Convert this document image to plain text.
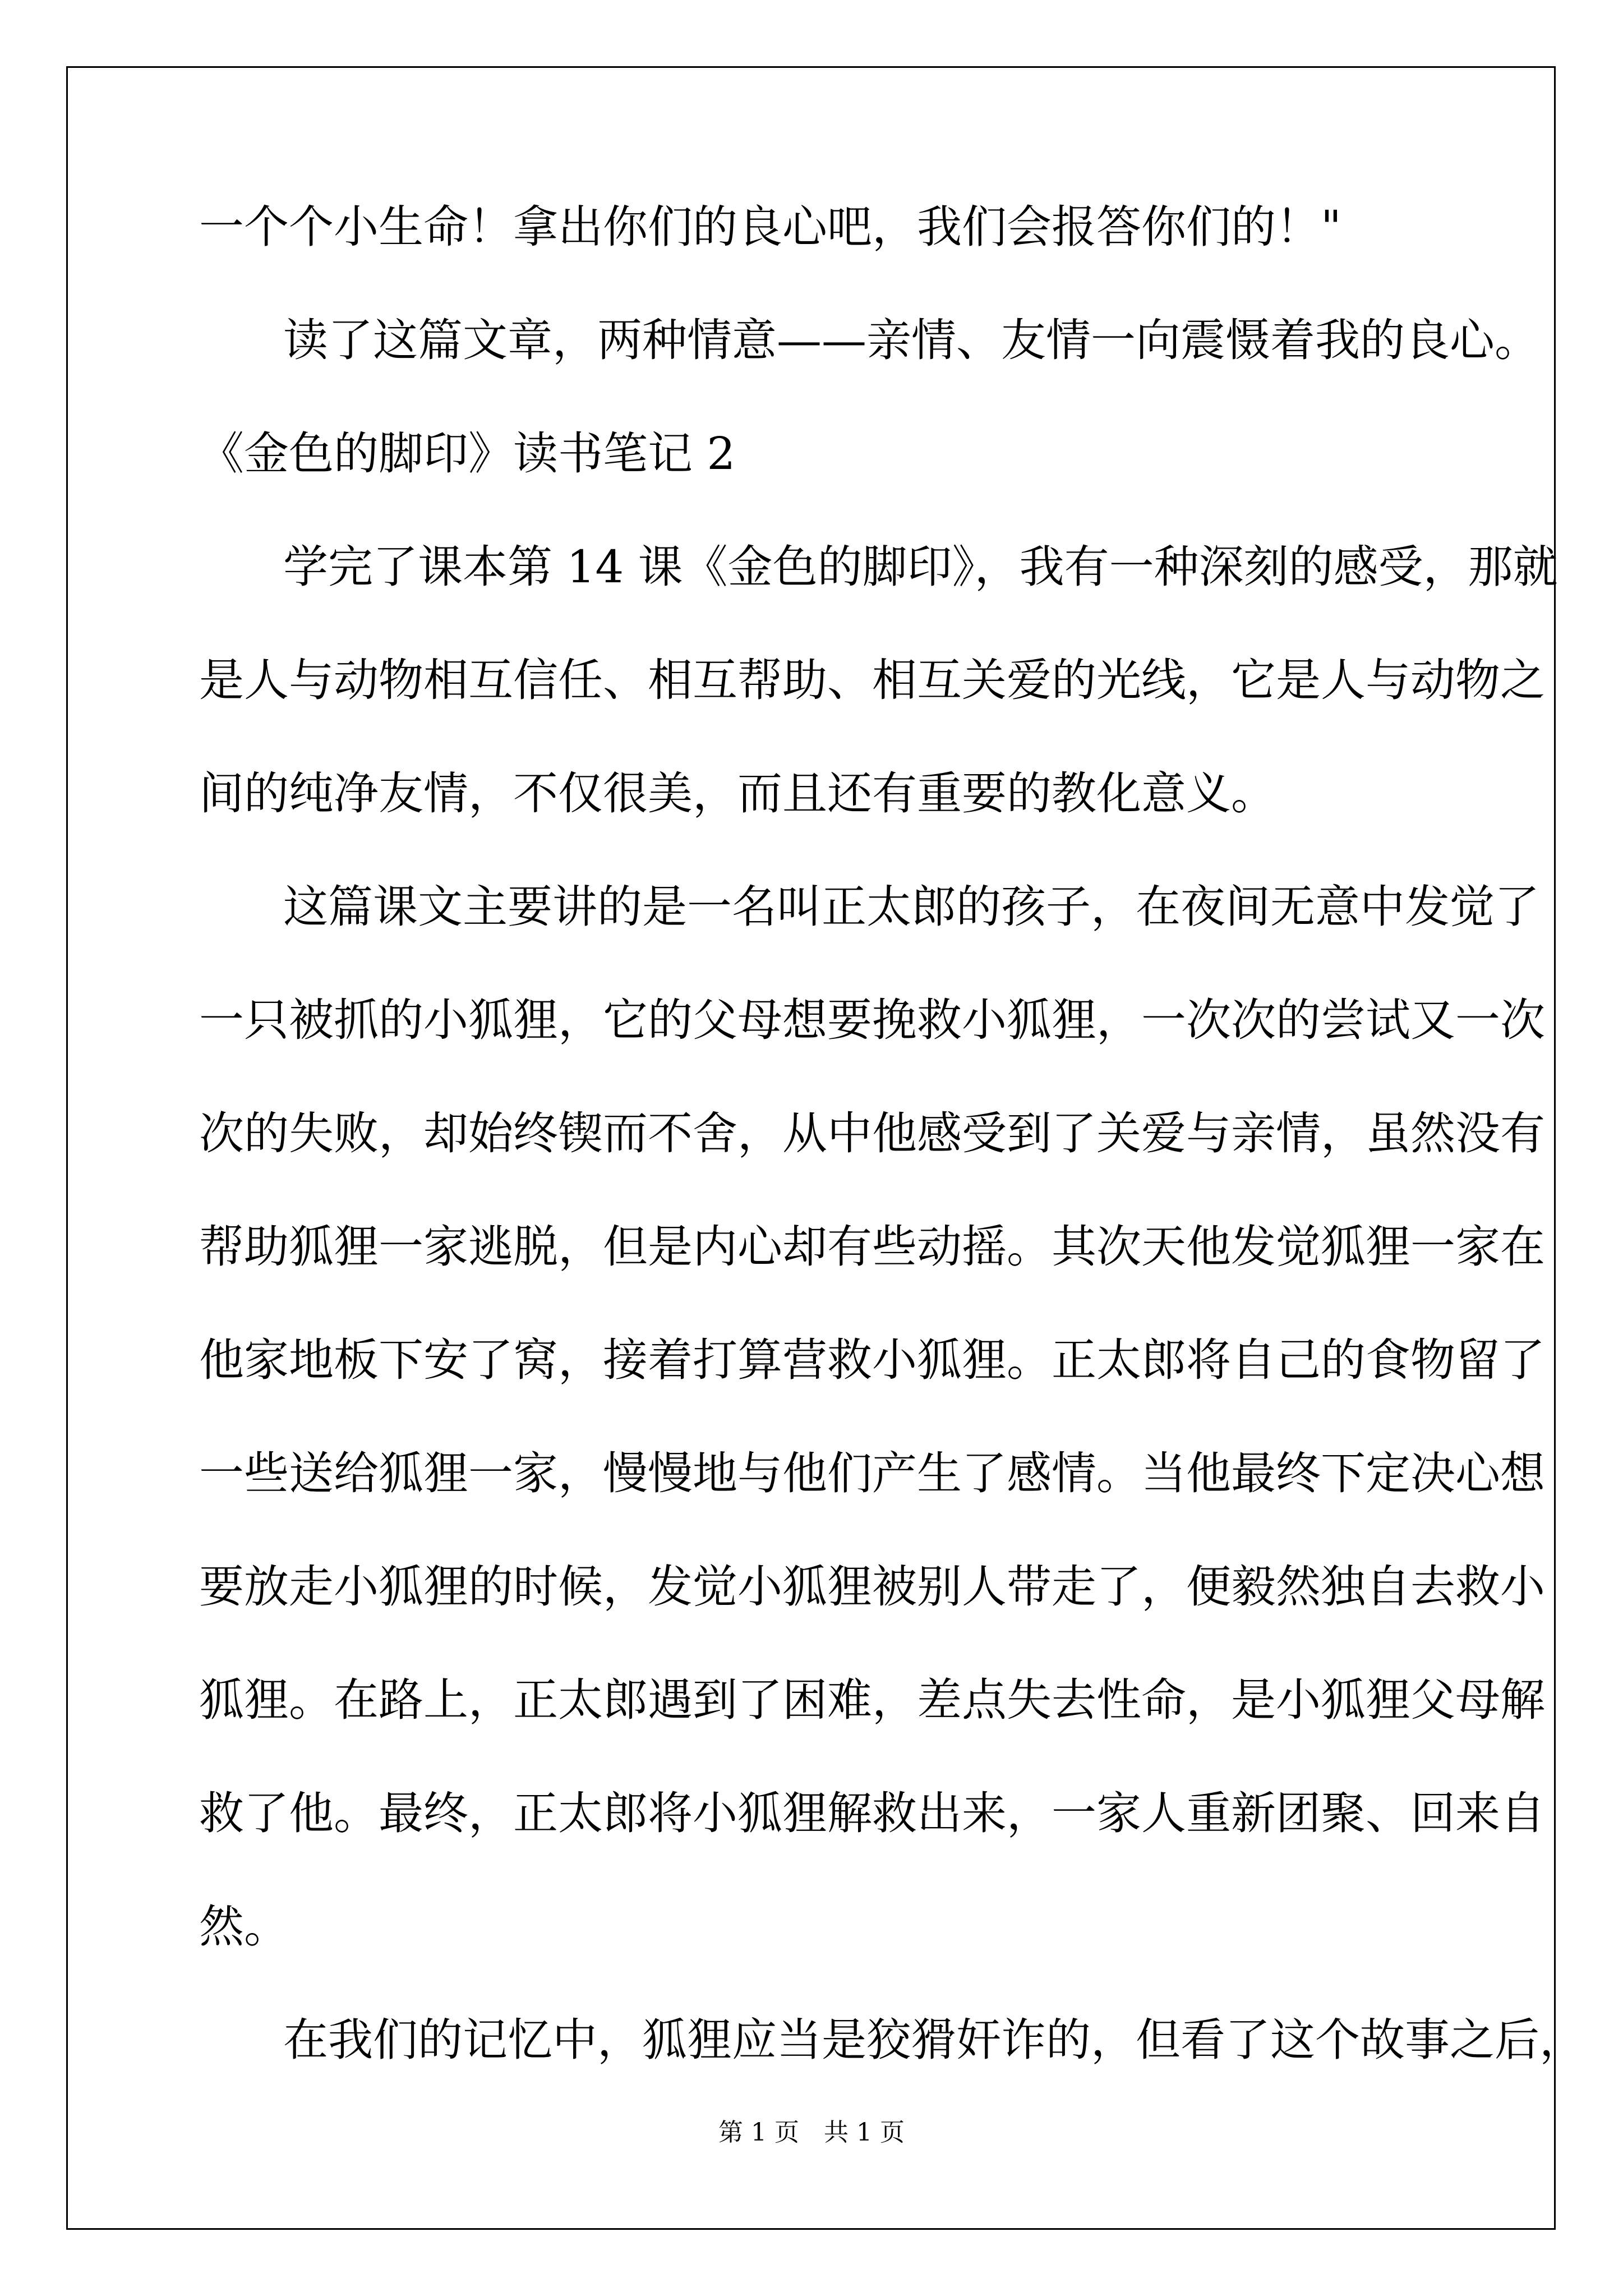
一个个小生命！拿出你们的良心吧，我们会报答你们的！"
读了这篇文章，两种情意——亲情、友情一向震慑着我的良心。
《金色的脚印》读书笔记 2
学完了课本第 14 课《金色的脚印》，我有一种深刻的感受，那就
是人与动物相互信任、相互帮助、相互关爱的光线，它是人与动物之
间的纯净友情，不仅很美，而且还有重要的教化意义。
这篇课文主要讲的是一名叫正太郎的孩子，在夜间无意中发觉了
一只被抓的小狐狸，它的父母想要挽救小狐狸，一次次的尝试又一次
次的失败，却始终锲而不舍，从中他感受到了关爱与亲情，虽然没有
帮助狐狸一家逃脱，但是内心却有些动摇。其次天他发觉狐狸一家在
他家地板下安了窝，接着打算营救小狐狸。正太郎将自己的食物留了
一些送给狐狸一家，慢慢地与他们产生了感情。当他最终下定决心想
要放走小狐狸的时候，发觉小狐狸被别人带走了，便毅然独自去救小
狐狸。在路上，正太郎遇到了困难，差点失去性命，是小狐狸父母解
救了他。最终，正太郎将小狐狸解救出来，一家人重新团聚、回来自
然。
在我们的记忆中，狐狸应当是狡猾奸诈的，但看了这个故事之后，
第 1 页　共 1 页
